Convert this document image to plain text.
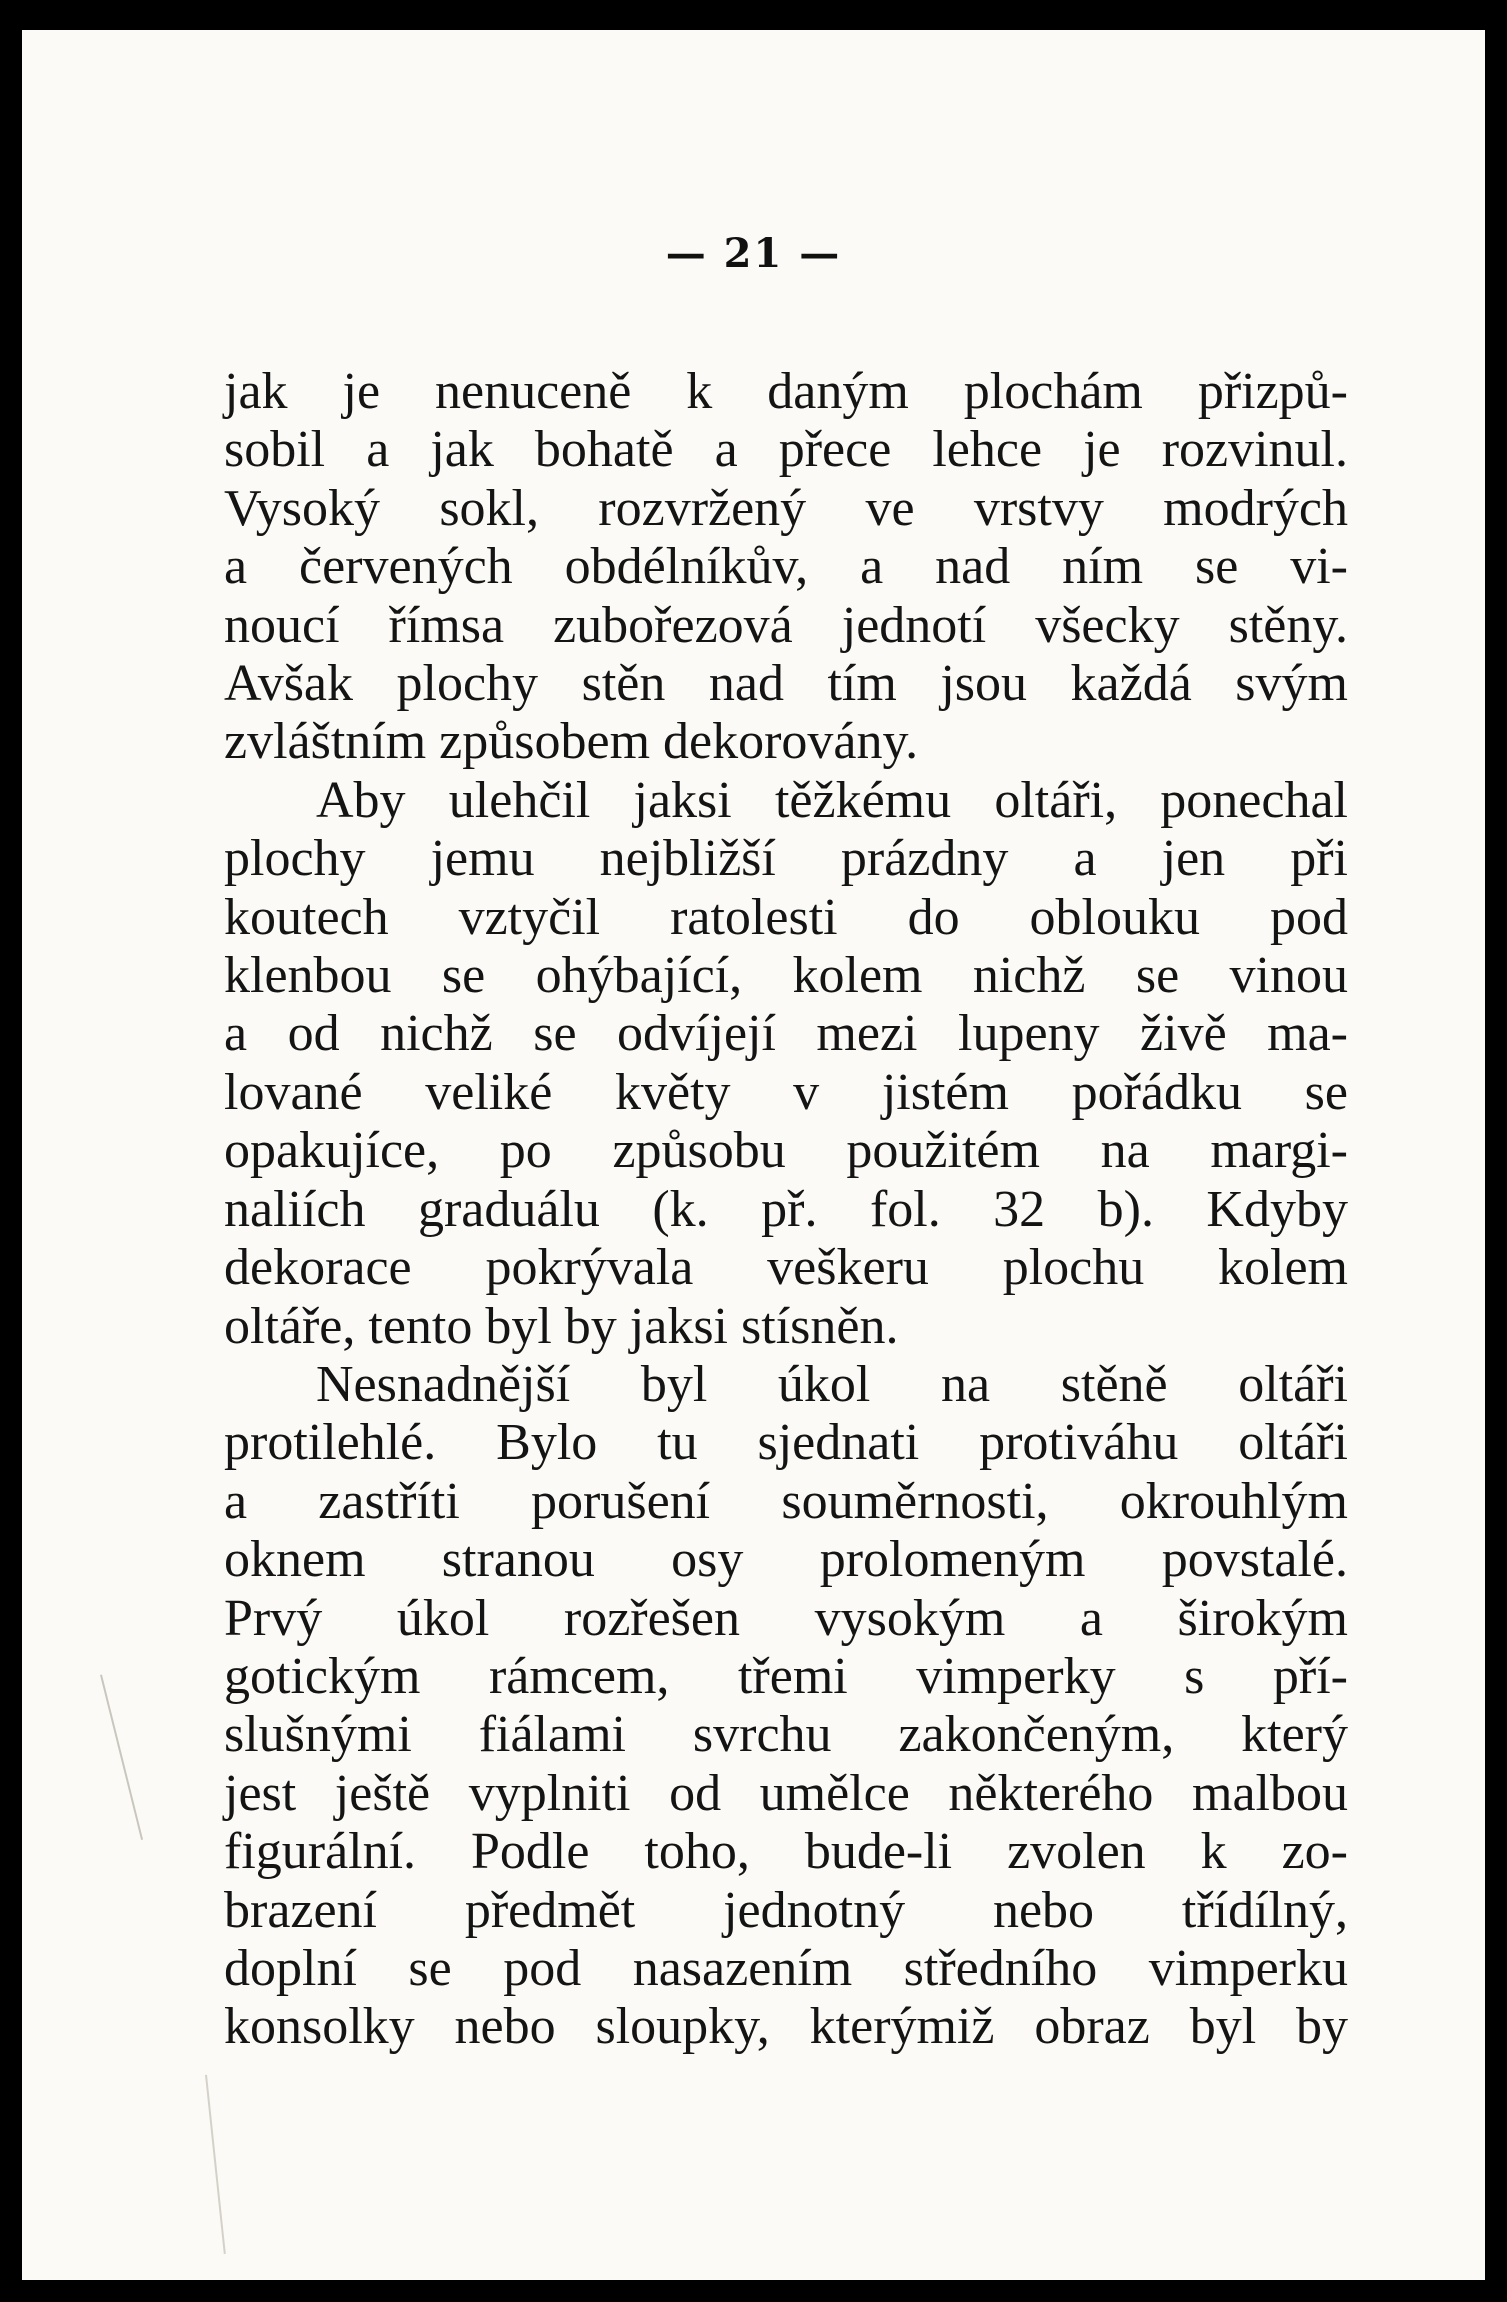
— 21 —
jak je nenuceně k daným plochám přizpů-
sobil a jak bohatě a přece lehce je rozvinul.
Vysoký sokl, rozvržený ve vrstvy modrých
a červených obdélníkův, a nad ním se vi-
noucí římsa zubořezová jednotí všecky stěny.
Avšak plochy stěn nad tím jsou každá svým
zvláštním způsobem dekorovány.
Aby ulehčil jaksi těžkému oltáři, ponechal
plochy jemu nejbližší prázdny a jen při
koutech vztyčil ratolesti do oblouku pod
klenbou se ohýbající, kolem nichž se vinou
a od nichž se odvíjejí mezi lupeny živě ma-
lované veliké květy v jistém pořádku se
opakujíce, po způsobu použitém na margi-
naliích graduálu (k. př. fol. 32 b). Kdyby
dekorace pokrývala veškeru plochu kolem
oltáře, tento byl by jaksi stísněn.
Nesnadnější byl úkol na stěně oltáři
protilehlé. Bylo tu sjednati protiváhu oltáři
a zastříti porušení souměrnosti, okrouhlým
oknem stranou osy prolomeným povstalé.
Prvý úkol rozřešen vysokým a širokým
gotickým rámcem, třemi vimperky s pří-
slušnými fiálami svrchu zakončeným, který
jest ještě vyplniti od umělce některého malbou
figurální. Podle toho, bude-li zvolen k zo-
brazení předmět jednotný nebo třídílný,
doplní se pod nasazením středního vimperku
konsolky nebo sloupky, kterýmiž obraz byl by
